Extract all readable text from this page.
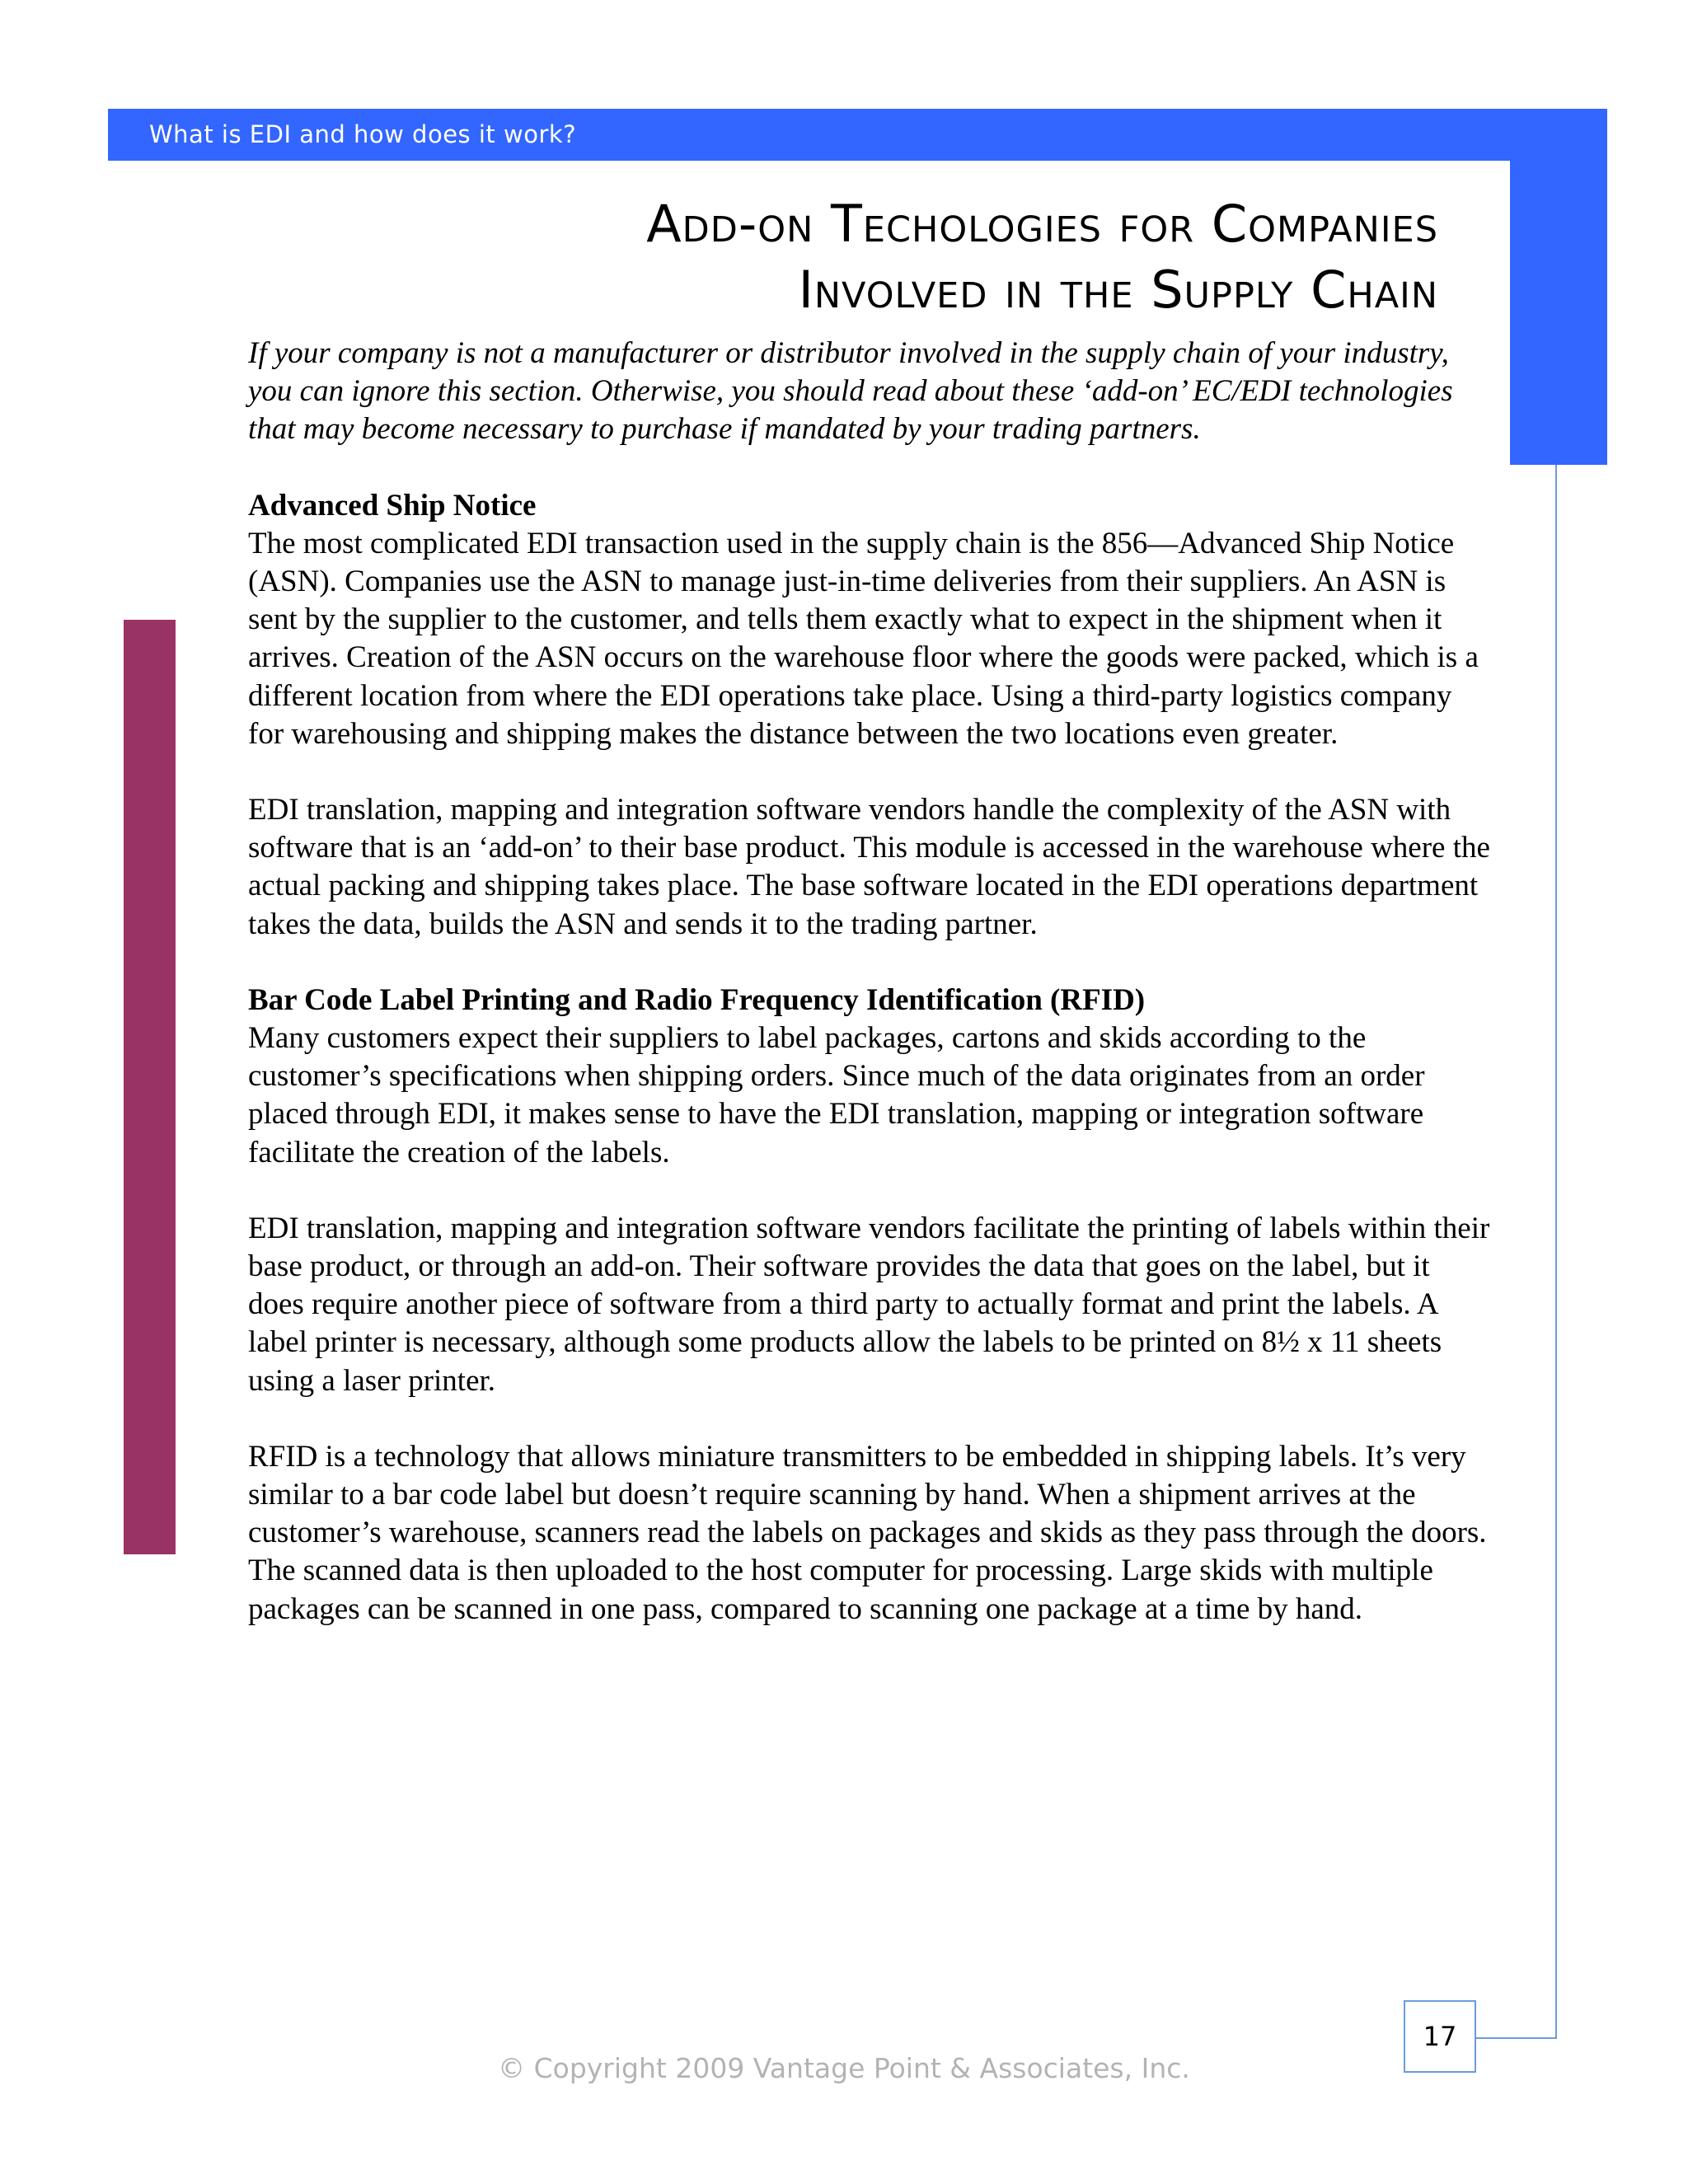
What is EDI and how does it work?
Add-on Techologies for Companies
Involved in the Supply Chain

If your company is not a manufacturer or distributor involved in the supply chain of your industry, you can ignore this section. Otherwise, you should read about these ‘add-on’ EC/EDI technologies that may become necessary to purchase if mandated by your trading partners.

Advanced Ship Notice

The most complicated EDI transaction used in the supply chain is the 856—Advanced Ship Notice (ASN). Companies use the ASN to manage just-in-time deliveries from their suppliers. An ASN is sent by the supplier to the customer, and tells them exactly what to expect in the shipment when it arrives. Creation of the ASN occurs on the warehouse floor where the goods were packed, which is a different location from where the EDI operations take place. Using a third-party logistics company for warehousing and shipping makes the distance between the two locations even greater.

EDI translation, mapping and integration software vendors handle the complexity of the ASN with software that is an ‘add-on’ to their base product. This module is accessed in the warehouse where the actual packing and shipping takes place. The base software located in the EDI operations department takes the data, builds the ASN and sends it to the trading partner.

Bar Code Label Printing and Radio Frequency Identification (RFID)

Many customers expect their suppliers to label packages, cartons and skids according to the customer’s specifications when shipping orders. Since much of the data originates from an order placed through EDI, it makes sense to have the EDI translation, mapping or integration software facilitate the creation of the labels.

EDI translation, mapping and integration software vendors facilitate the printing of labels within their base product, or through an add-on. Their software provides the data that goes on the label, but it does require another piece of software from a third party to actually format and print the labels. A label printer is necessary, although some products allow the labels to be printed on 8½ x 11 sheets using a laser printer.

RFID is a technology that allows miniature transmitters to be embedded in shipping labels. It’s very similar to a bar code label but doesn’t require scanning by hand. When a shipment arrives at the customer’s warehouse, scanners read the labels on packages and skids as they pass through the doors. The scanned data is then uploaded to the host computer for processing. Large skids with multiple packages can be scanned in one pass, compared to scanning one package at a time by hand.

17
© Copyright 2009 Vantage Point & Associates, Inc.
